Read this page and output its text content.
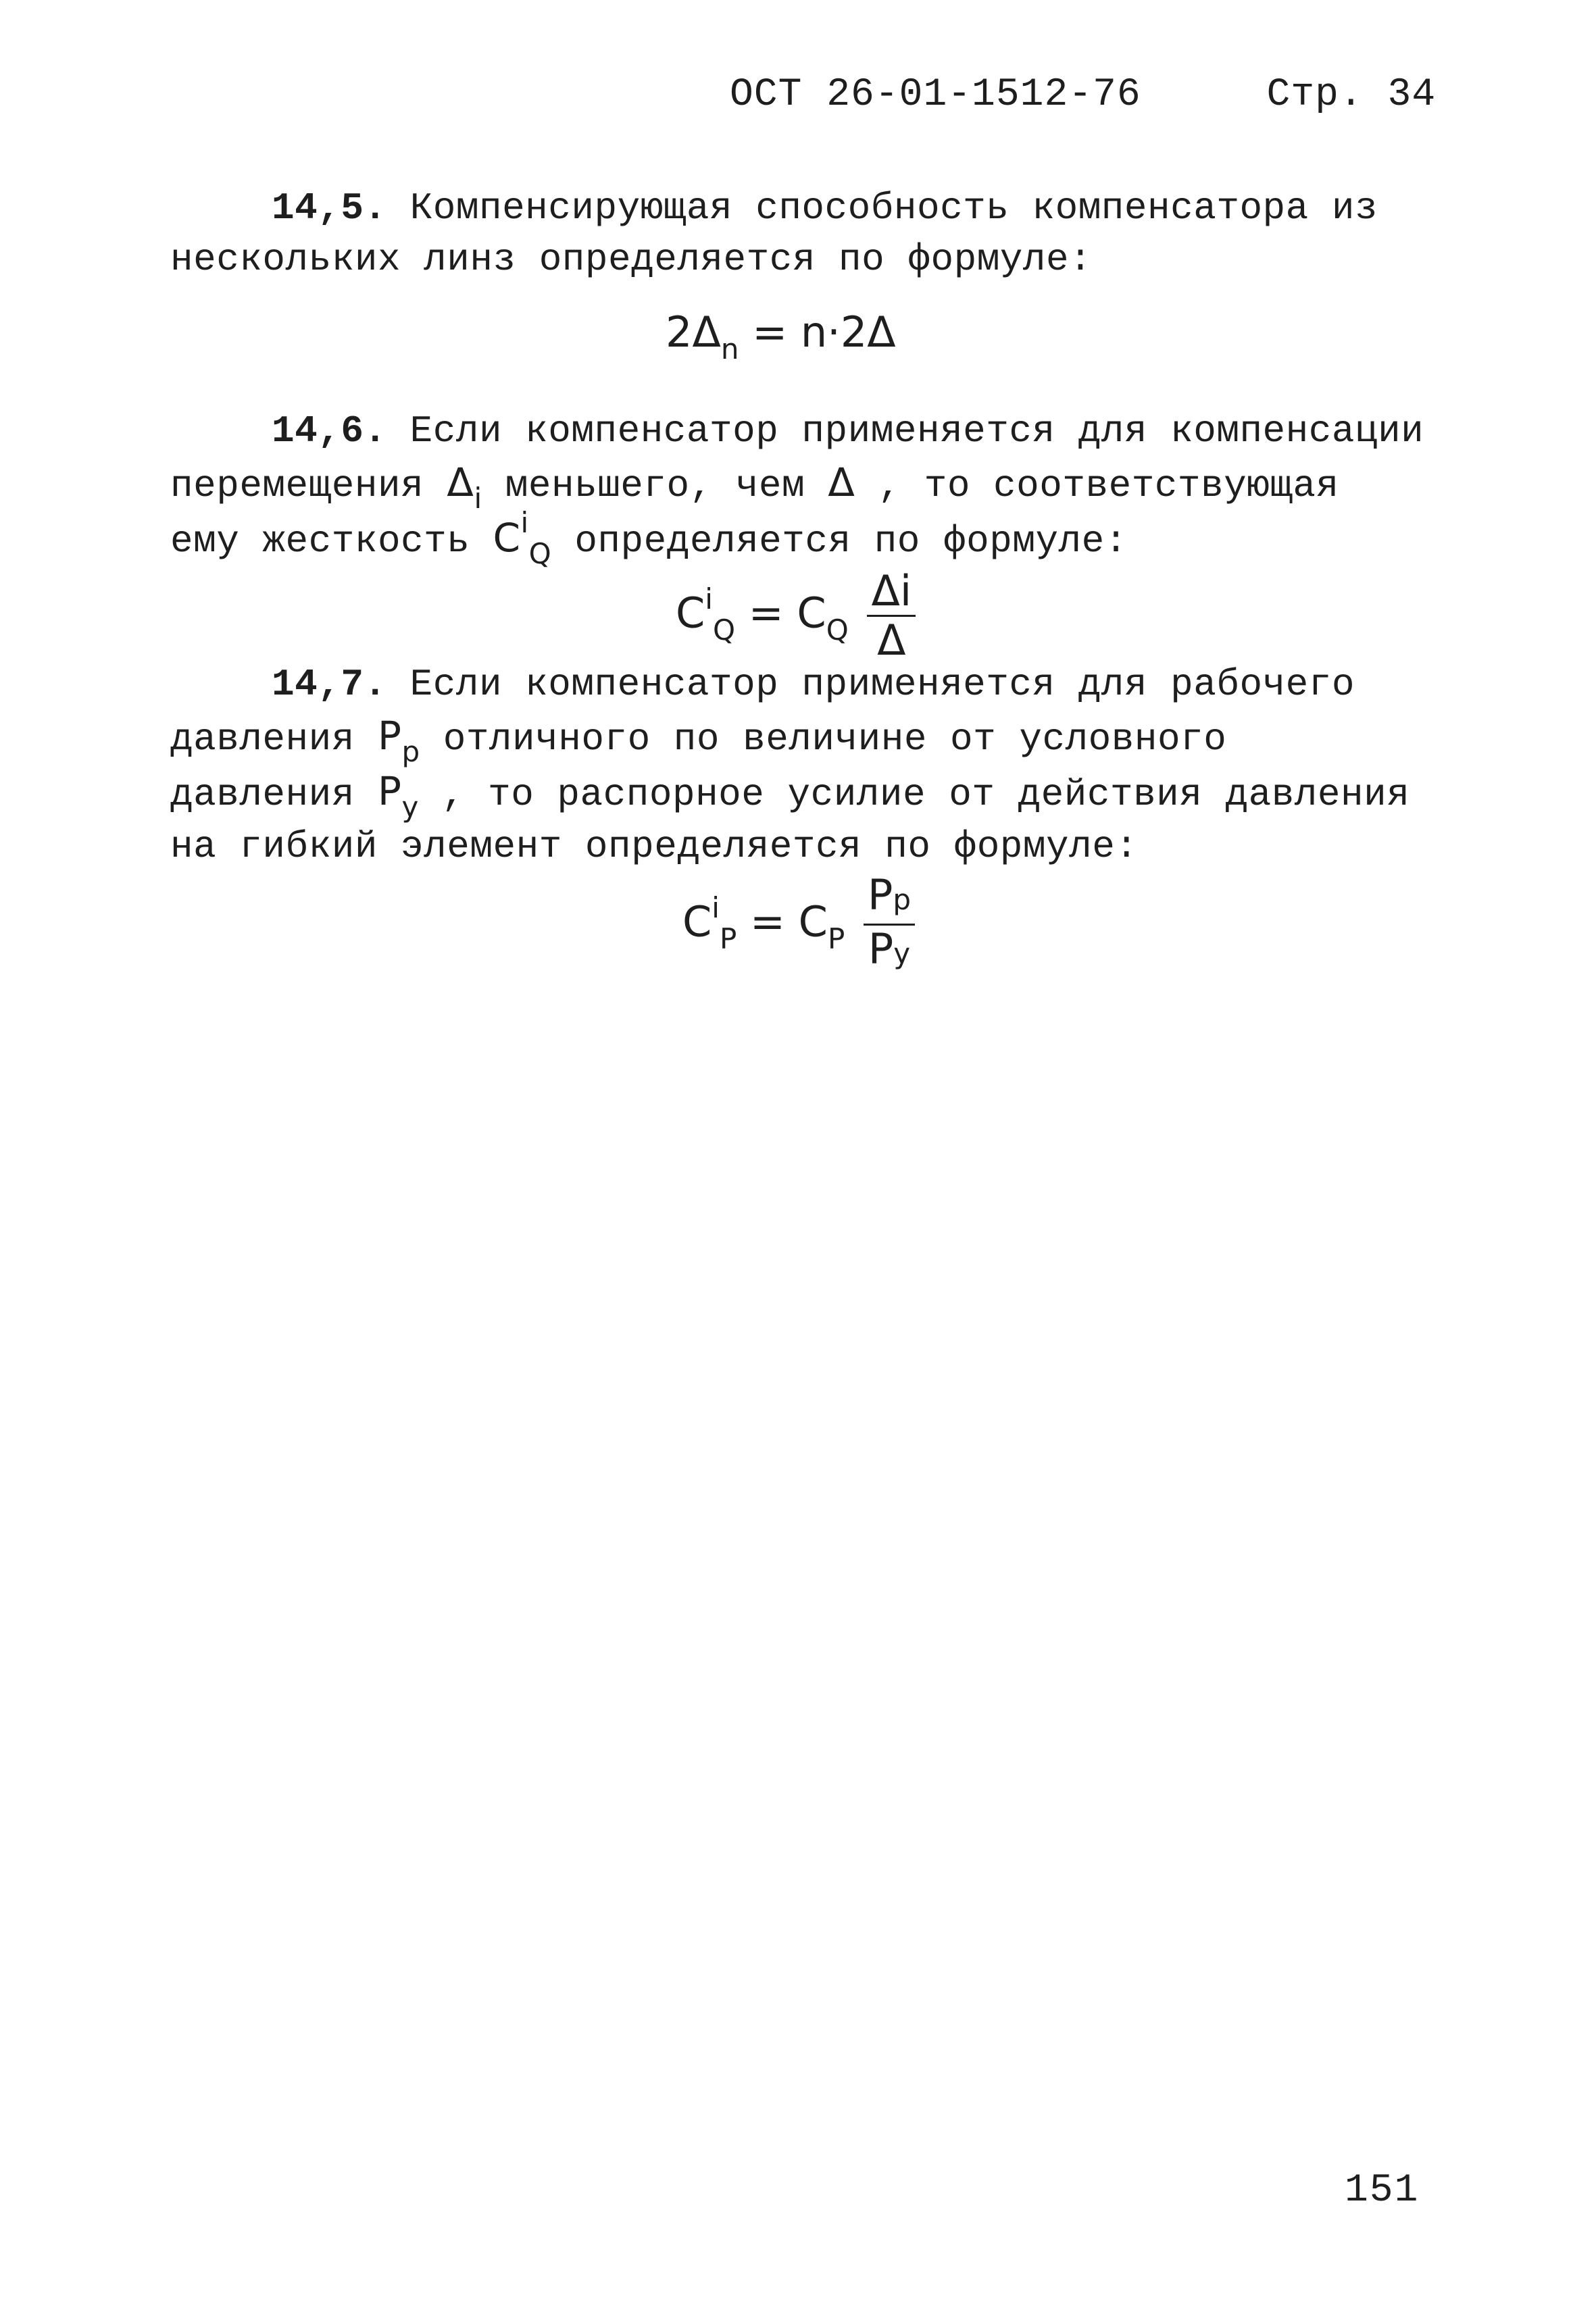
ОСТ 26-01-1512-76	Стр. 34
14,5. Компенсирующая способность компенсатора из нескольких линз определяется по формуле:
$2\Delta_n = n\cdot 2\Delta$
14,6. Если компенсатор применяется для компенсации перемещения $\Delta_i$ меньшего, чем Δ , то соответствующая ему жесткость $C^i_Q$ определяется по формуле:
$C^i_Q = C_Q \frac{\Delta i}{\Delta}$
14,7. Если компенсатор применяется для рабочего давления $P_p$ отличного по величине от условного давления $P_y$ , то распорное усилие от действия давления на гибкий элемент определяется по формуле:
$C^i_P = C_P \frac{Pp}{Py}$
151
